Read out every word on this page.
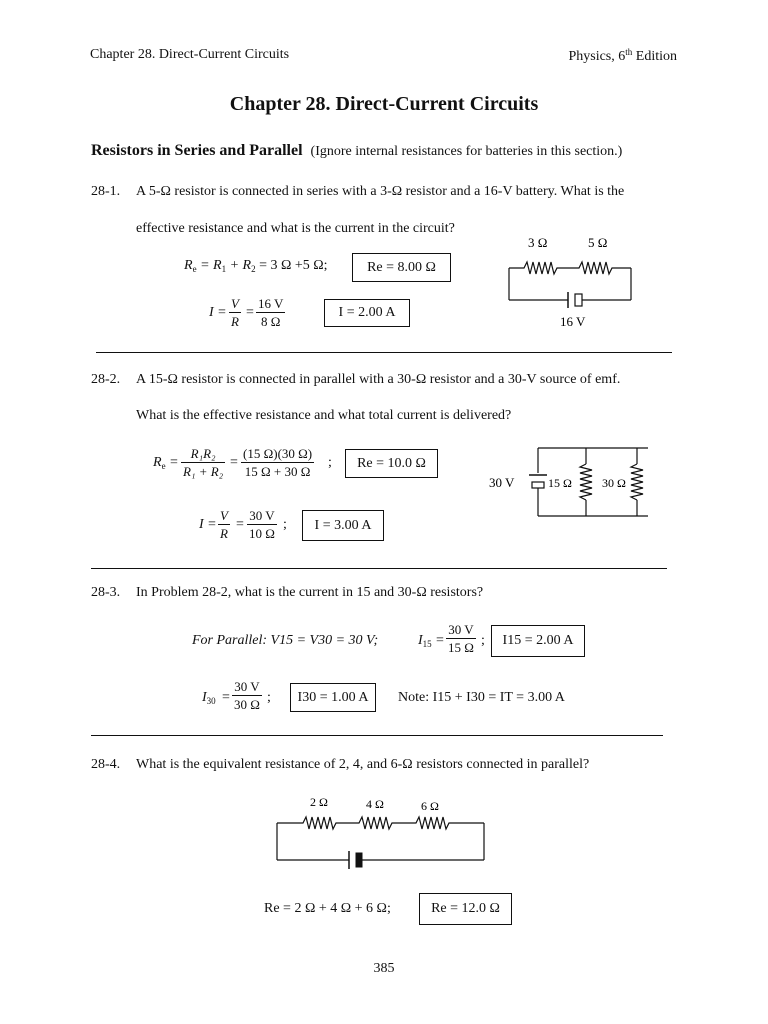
Chapter 28. Direct-Current Circuits	Physics, 6th Edition
Chapter 28. Direct-Current Circuits
Resistors in Series and Parallel (Ignore internal resistances for batteries in this section.)
28-1. A 5-Ω resistor is connected in series with a 3-Ω resistor and a 16-V battery. What is the
effective resistance and what is the current in the circuit?
$R_e = R_1 + R_2 = 3$ Ω +5 Ω;	Re = 8.00 Ω
$I = \frac{V}{R} = \frac{16 V}{8 \Omega}$	I = 2.00 A
3 Ω	5 Ω
16 V
28-2. A 15-Ω resistor is connected in parallel with a 30-Ω resistor and a 30-V source of emf.
What is the effective resistance and what total current is delivered?
$R_e = \frac{\text{R₁R₂}}{\text{R₁ + R₂}} = \frac{(15 \Omega)(30 \Omega)}{15 \Omega + 30 \Omega}$ ;	Re = 10.0 Ω
$I = \frac{V}{R} = \frac{30 V}{10 \Omega}$ ;	I = 3.00 A
30 V	15 Ω	30 Ω
28-3. In Problem 28-2, what is the current in 15 and 30-Ω resistors?
For Parallel: V15 = V30 = 30 V;	$I_{15} = \frac{30 V}{15 \Omega}$ ;	I15 = 2.00 A
$I_{30} = \frac{30 V}{30 \Omega}$ ;	I30 = 1.00 A	Note: I15 + I30 = IT = 3.00 A
28-4. What is the equivalent resistance of 2, 4, and 6-Ω resistors connected in parallel?
2 Ω	4 Ω	6 Ω
Re = 2 Ω + 4 Ω + 6 Ω;	Re = 12.0 Ω
385
